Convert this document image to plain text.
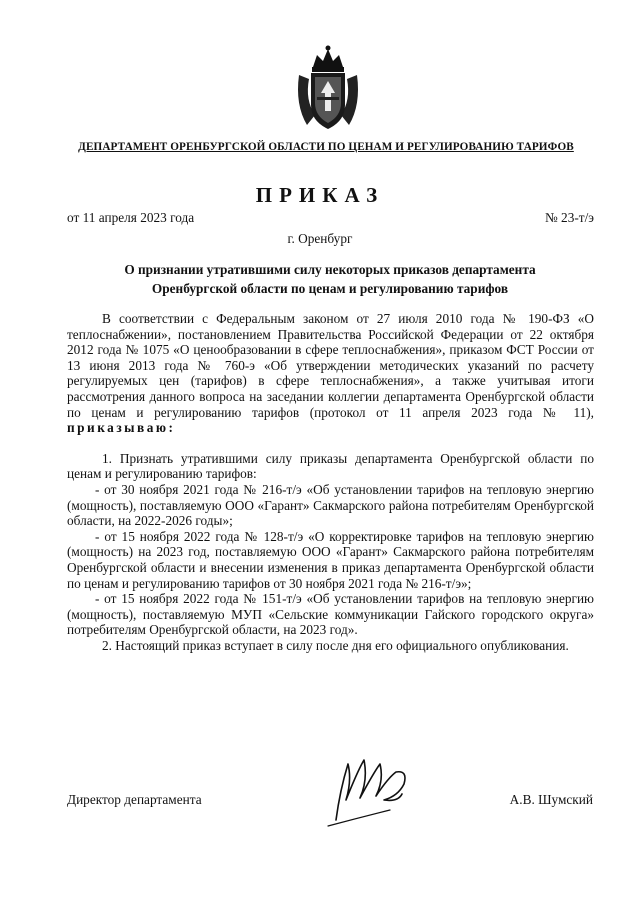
ДЕПАРТАМЕНТ ОРЕНБУРГСКОЙ ОБЛАСТИ ПО ЦЕНАМ И РЕГУЛИРОВАНИЮ ТАРИФОВ
ПРИКАЗ
от 11 апреля 2023 года	№ 23-т/э
г. Оренбург
О признании утратившими силу некоторых приказов департамента
Оренбургской области по ценам и регулированию тарифов

В соответствии с Федеральным законом от 27 июля 2010 года № 190-ФЗ «О теплоснабжении», постановлением Правительства Российской Федерации от 22 октября 2012 года № 1075 «О ценообразовании в сфере теплоснабжения», приказом ФСТ России от 13 июня 2013 года № 760-э «Об утверждении методических указаний по расчету регулируемых цен (тарифов) в сфере теплоснабжения», а также учитывая итоги рассмотрения данного вопроса на заседании коллегии департамента Оренбургской области по ценам и регулированию тарифов (протокол от 11 апреля 2023 года № 11), приказываю:

1. Признать утратившими силу приказы департамента Оренбургской области по ценам и регулированию тарифов:

- от 30 ноября 2021 года № 216-т/э «Об установлении тарифов на тепловую энергию (мощность), поставляемую ООО «Гарант» Сакмарского района потребителям Оренбургской области, на 2022-2026 годы»;

- от 15 ноября 2022 года № 128-т/э «О корректировке тарифов на тепловую энергию (мощность) на 2023 год, поставляемую ООО «Гарант» Сакмарского района потребителям Оренбургской области и внесении изменения в приказ департамента Оренбургской области по ценам и регулированию тарифов от 30 ноября 2021 года № 216-т/э»;

- от 15 ноября 2022 года № 151-т/э «Об установлении тарифов на тепловую энергию (мощность), поставляемую МУП «Сельские коммуникации Гайского городского округа» потребителям Оренбургской области, на 2023 год».

2. Настоящий приказ вступает в силу после дня его официального опубликования.

Директор департамента	А.В. Шумский
